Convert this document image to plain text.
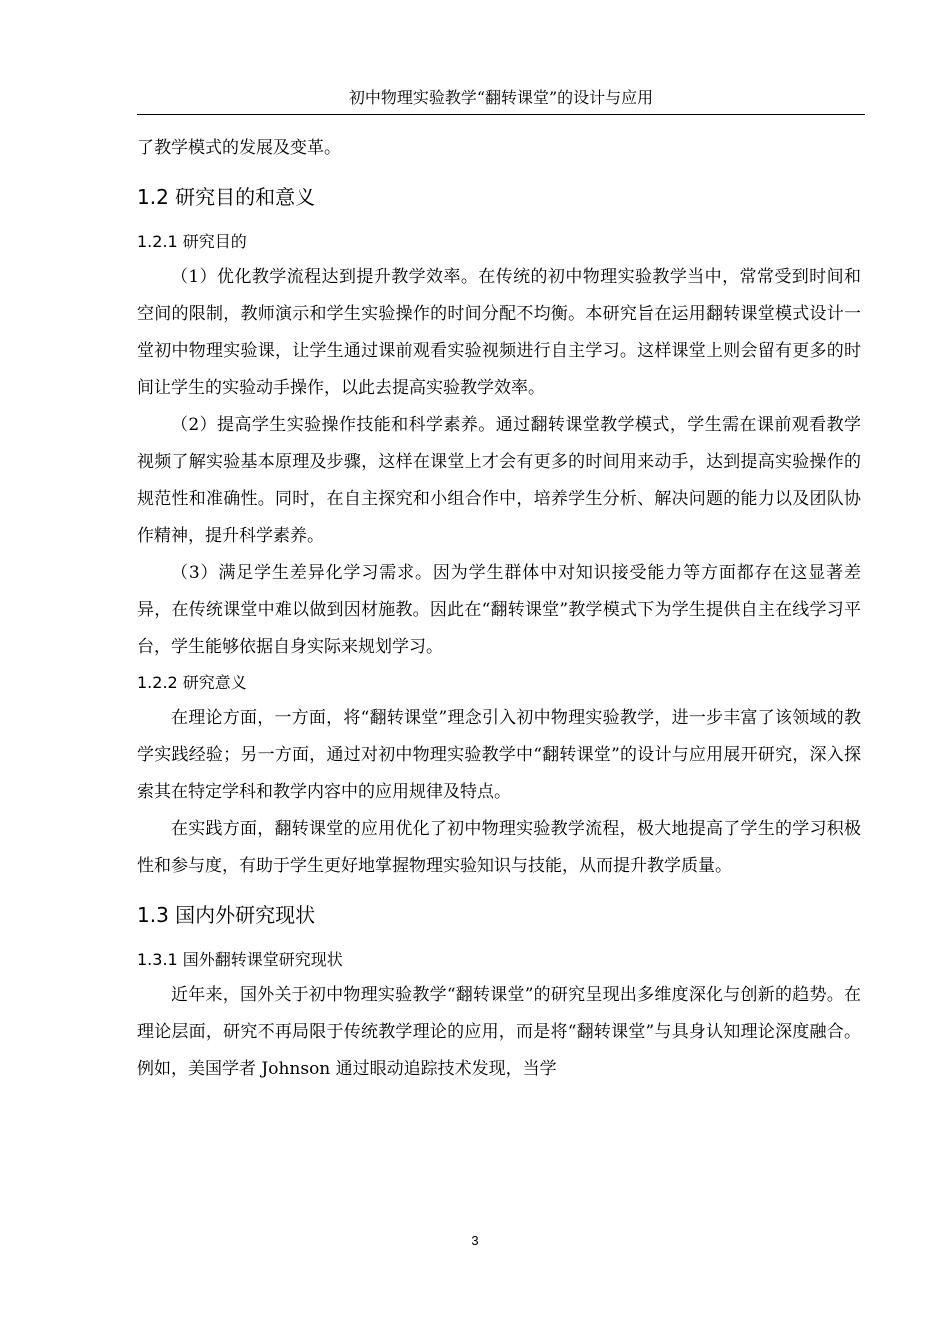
初中物理实验教学“翻转课堂”的设计与应用

了教学模式的发展及变革。

1.2 研究目的和意义
1.2.1 研究目的

（1）优化教学流程达到提升教学效率。在传统的初中物理实验教学当中，常常受到时间和空间的限制，教师演示和学生实验操作的时间分配不均衡。本研究旨在运用翻转课堂模式设计一堂初中物理实验课，让学生通过课前观看实验视频进行自主学习。这样课堂上则会留有更多的时间让学生的实验动手操作，以此去提高实验教学效率。

（2）提高学生实验操作技能和科学素养。通过翻转课堂教学模式，学生需在课前观看教学视频了解实验基本原理及步骤，这样在课堂上才会有更多的时间用来动手，达到提高实验操作的规范性和准确性。同时，在自主探究和小组合作中，培养学生分析、解决问题的能力以及团队协作精神，提升科学素养。

（3）满足学生差异化学习需求。因为学生群体中对知识接受能力等方面都存在这显著差异，在传统课堂中难以做到因材施教。因此在“翻转课堂”教学模式下为学生提供自主在线学习平台，学生能够依据自身实际来规划学习。

1.2.2 研究意义

在理论方面，一方面，将“翻转课堂”理念引入初中物理实验教学，进一步丰富了该领域的教学实践经验；另一方面，通过对初中物理实验教学中“翻转课堂”的设计与应用展开研究，深入探索其在特定学科和教学内容中的应用规律及特点。

在实践方面，翻转课堂的应用优化了初中物理实验教学流程，极大地提高了学生的学习积极性和参与度，有助于学生更好地掌握物理实验知识与技能，从而提升教学质量。

1.3 国内外研究现状
1.3.1 国外翻转课堂研究现状

近年来，国外关于初中物理实验教学“翻转课堂”的研究呈现出多维度深化与创新的趋势。在理论层面，研究不再局限于传统教学理论的应用，而是将“翻转课堂”与具身认知理论深度融合。例如，美国学者 Johnson 通过眼动追踪技术发现，当学

3
